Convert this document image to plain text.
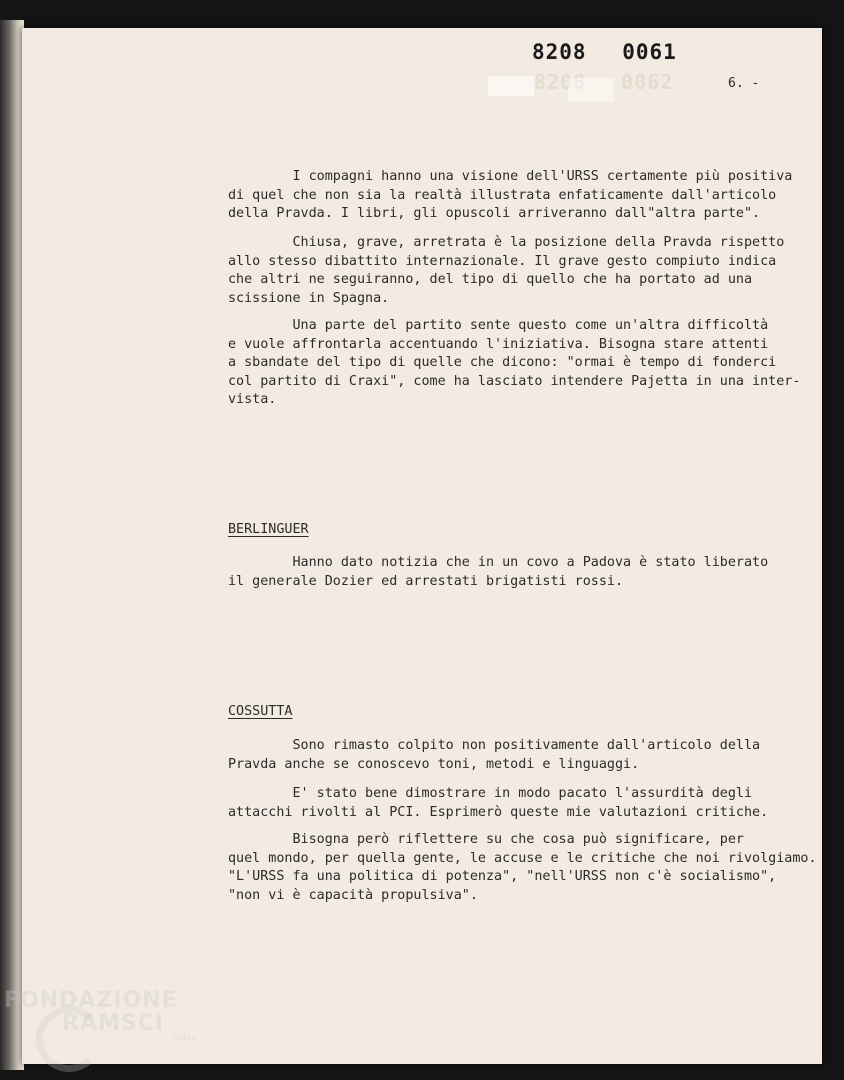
8208 0062
8208 0061
6. -
I compagni hanno una visione dell'URSS certamente più positiva
di quel che non sia la realtà illustrata enfaticamente dall'articolo
della Pravda. I libri, gli opuscoli arriveranno dall"altra parte".
Chiusa, grave, arretrata è la posizione della Pravda rispetto
allo stesso dibattito internazionale. Il grave gesto compiuto indica
che altri ne seguiranno, del tipo di quello che ha portato ad una
scissione in Spagna.
Una parte del partito sente questo come un'altra difficoltà
e vuole affrontarla accentuando l'iniziativa. Bisogna stare attenti
a sbandate del tipo di quelle che dicono: "ormai è tempo di fonderci
col partito di Craxi", come ha lasciato intendere Pajetta in una inter-
vista.
BERLINGUER
Hanno dato notizia che in un covo a Padova è stato liberato
il generale Dozier ed arrestati brigatisti rossi.
COSSUTTA
Sono rimasto colpito non positivamente dall'articolo della
Pravda anche se conoscevo toni, metodi e linguaggi.
E' stato bene dimostrare in modo pacato l'assurdità degli
attacchi rivolti al PCI. Esprimerò queste mie valutazioni critiche.
Bisogna però riflettere su che cosa può significare, per
quel mondo, per quella gente, le accuse e le critiche che noi rivolgiamo.
"L'URSS fa una politica di potenza", "nell'URSS non c'è socialismo",
"non vi è capacità propulsiva".
FONDAZIONE
RAMSCI
onlus
